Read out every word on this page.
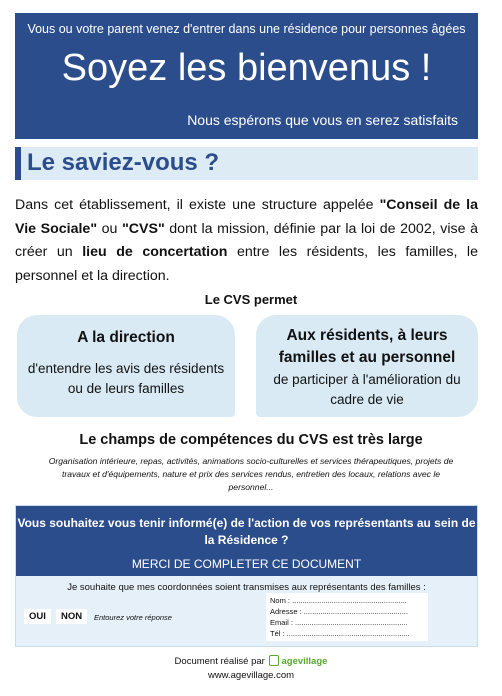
Vous ou votre parent venez d'entrer dans une résidence pour personnes âgées
Soyez les bienvenus !
Nous espérons que vous en serez satisfaits
Le saviez-vous ?
Dans cet établissement, il existe une structure appelée "Conseil de la Vie Sociale" ou "CVS" dont la mission, définie par la loi de 2002, vise à créer un lieu de concertation entre les résidents, les familles, le personnel et la direction.
Le CVS permet
A la direction
d'entendre les avis des résidents ou de leurs familles
Aux résidents, à leurs familles et au personnel
de participer à l'amélioration du cadre de vie
Le champs de compétences du CVS est très large
Organisation intérieure, repas, activités, animations socio-culturelles et services thérapeutiques, projets de travaux et d'équipements, nature et prix des services rendus, entretien des locaux, relations avec le personnel...
Vous souhaitez vous tenir informé(e) de l'action de vos représentants au sein de la Résidence ?
MERCI DE COMPLETER CE DOCUMENT
Je souhaite que mes coordonnées soient transmises aux représentants des familles :
OUI	NON	Entourez votre réponse
Nom : .......................................................
Adresse : ..................................................
Email : ......................................................
Tél : ...........................................................
Document réalisé par agevillage
www.agevillage.com
